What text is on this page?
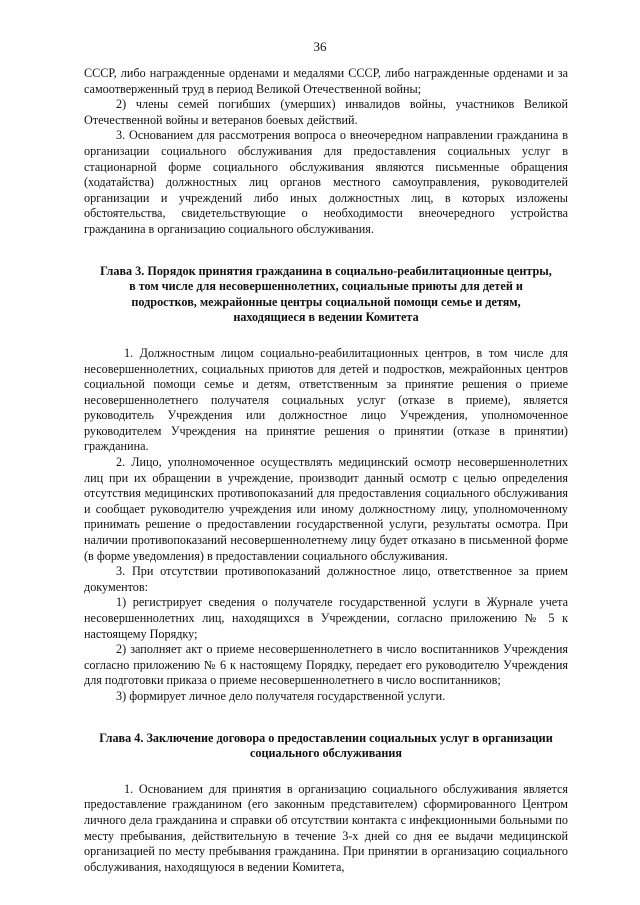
36

СССР, либо награжденные орденами и медалями СССР, либо награжденные орденами и за самоотверженный труд в период Великой Отечественной войны;

2) члены семей погибших (умерших) инвалидов войны, участников Великой Отечественной войны и ветеранов боевых действий.

3. Основанием для рассмотрения вопроса о внеочередном направлении гражданина в организации социального обслуживания для предоставления социальных услуг в стационарной форме социального обслуживания являются письменные обращения (ходатайства) должностных лиц органов местного самоуправления, руководителей организации и учреждений либо иных должностных лиц, в которых изложены обстоятельства, свидетельствующие о необходимости внеочередного устройства гражданина в организацию социального обслуживания.

Глава 3. Порядок принятия гражданина в социально-реабилитационные центры,

в том числе для несовершеннолетних, социальные приюты для детей и

подростков, межрайонные центры социальной помощи семье и детям,

находящиеся в ведении Комитета

1. Должностным лицом социально-реабилитационных центров, в том числе для несовершеннолетних, социальных приютов для детей и подростков, межрайонных центров социальной помощи семье и детям, ответственным за принятие решения о приеме несовершеннолетнего получателя социальных услуг (отказе в приеме), является руководитель Учреждения или должностное лицо Учреждения, уполномоченное руководителем Учреждения на принятие решения о принятии (отказе в принятии) гражданина.

2. Лицо, уполномоченное осуществлять медицинский осмотр несовершеннолетних лиц при их обращении в учреждение, производит данный осмотр с целью определения отсутствия медицинских противопоказаний для предоставления социального обслуживания и сообщает руководителю учреждения или иному должностному лицу, уполномоченному принимать решение о предоставлении государственной услуги, результаты осмотра. При наличии противопоказаний несовершеннолетнему лицу будет отказано в письменной форме (в форме уведомления) в предоставлении социального обслуживания.

3. При отсутствии противопоказаний должностное лицо, ответственное за прием документов:

1) регистрирует сведения о получателе государственной услуги в Журнале учета несовершеннолетних лиц, находящихся в Учреждении, согласно приложению № 5 к настоящему Порядку;

2) заполняет акт о приеме несовершеннолетнего в число воспитанников Учреждения согласно приложению № 6 к настоящему Порядку, передает его руководителю Учреждения для подготовки приказа о приеме несовершеннолетнего в число воспитанников;

3) формирует личное дело получателя государственной услуги.

Глава 4. Заключение договора о предоставлении социальных услуг в организации

социального обслуживания

1. Основанием для принятия в организацию социального обслуживания является предоставление гражданином (его законным представителем) сформированного Центром личного дела гражданина и справки об отсутствии контакта с инфекционными больными по месту пребывания, действительную в течение 3-х дней со дня ее выдачи медицинской организацией по месту пребывания гражданина. При принятии в организацию социального обслуживания, находящуюся в ведении Комитета,
